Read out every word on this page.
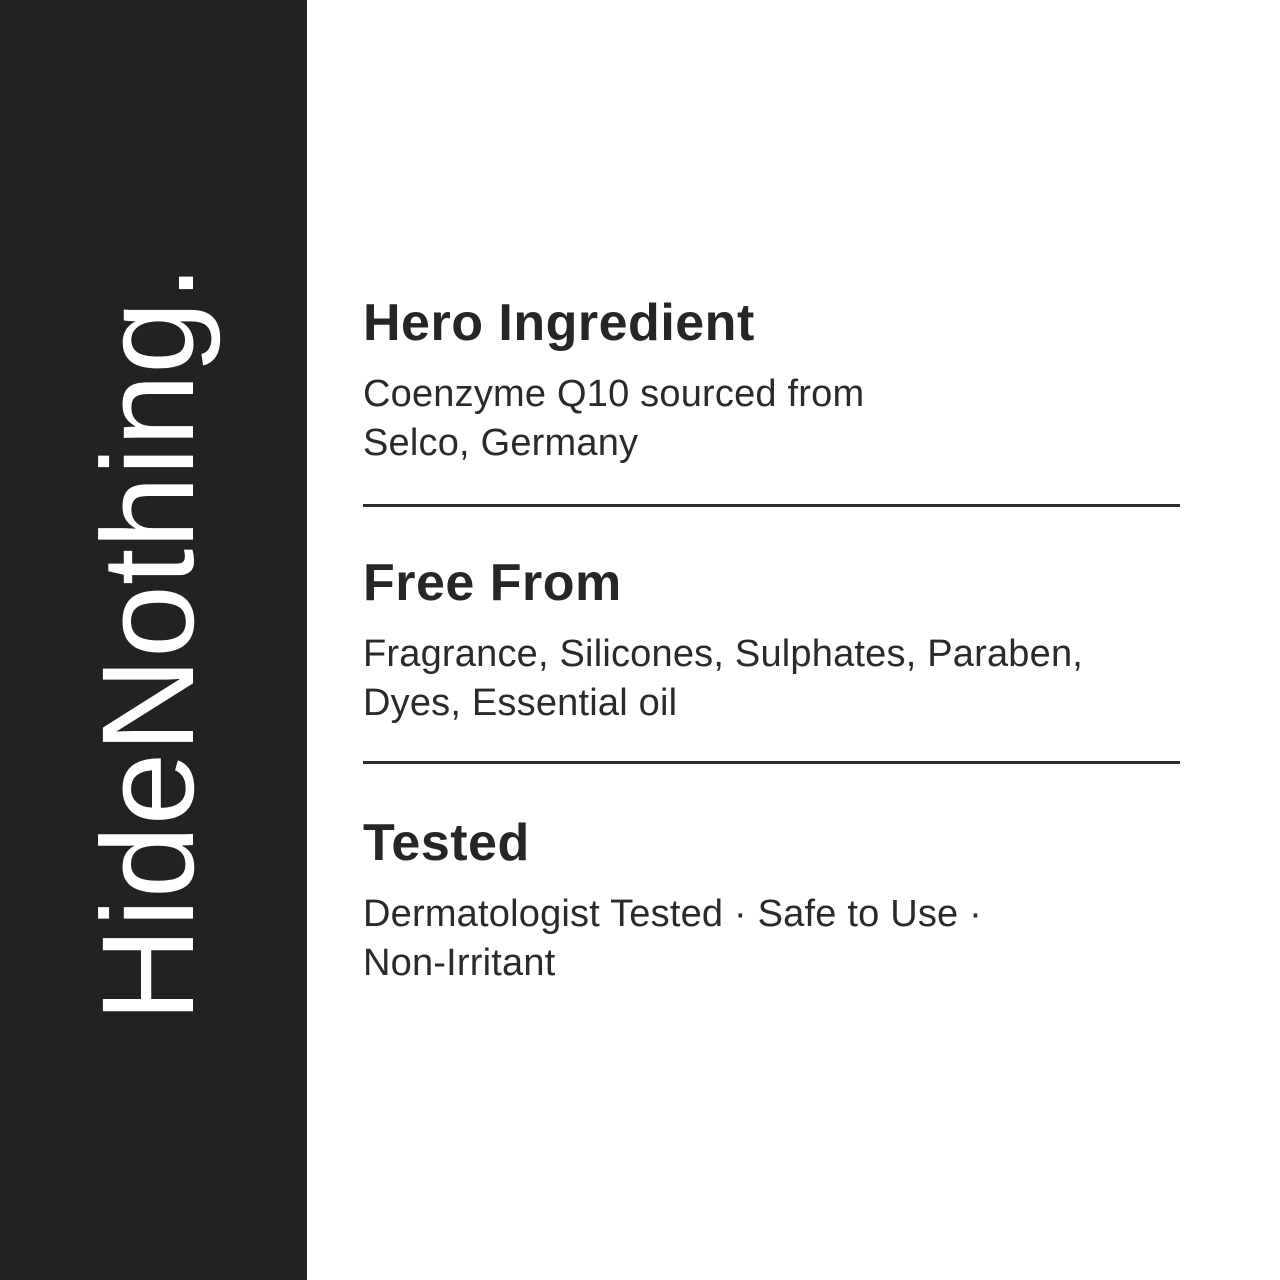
HideNothing.	Hero Ingredient

Coenzyme Q10 sourced from Selco, Germany

Free From

Fragrance, Silicones, Sulphates, Paraben, Dyes, Essential oil

Tested

Dermatologist Tested · Safe to Use · Non-Irritant
